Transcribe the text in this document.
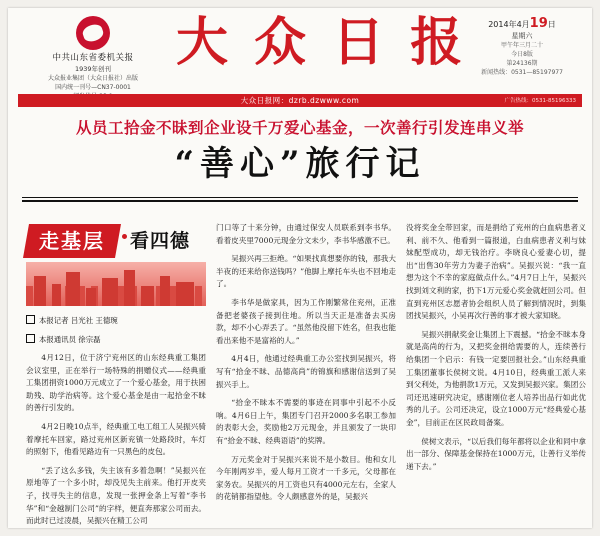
中共山东省委机关报
1939年创刊
大众报业集团（大众日报社）出版
国内统一刊号—CN37-0001
大 众 日 报	2014年4月19日
星期六
甲午年三月二十
今日8版
第24136期
新闻热线：0531—85197977
大众日报网：dzrb.dzwww.com	广告热线：0531-85196333
从员工拾金不昧到企业设千万爱心基金，一次善行引发连串义举
“善心”旅行记
走基层	看四德
本报记者 吕光社 王德琬
本报通讯员 徐宗磊

4月12日，位于济宁兖州区的山东经典重工集团会议室里，正在举行一场特殊的捐赠仪式——经典重工集团捐资1000万元成立了一个爱心基金，用于扶困助残、助学治病等。这个爱心基金是由一起拾金不昧的善行引发的。

4月2日晚10点半，经典重工电工组工人吴振兴骑着摩托车回家，路过兖州区新兖镇一处路段时，车灯的照射下，他看见路边有一只黑色的皮包。

“丢了这么多钱，失主该有多着急啊！”吴振兴在原地等了一个多小时，却没见失主前来。他打开皮夹子，找寻失主的信息，发现一张押金条上写着“李书华”和“金越制门公司”的字样，便直奔那家公司而去。而此时已过凌晨，吴振兴在精工公司

门口等了十来分钟，由通过保安人员联系到李书华。看着皮夹里7000元现金分文未少，李书华感激不已。

吴振兴再三拒绝。“如果找真想要你的钱，那我大半夜的还来给你送钱吗？”他脚上摩托车头也不回地走了。

李书华是做家具，因为工作刚繁常住兖州，正准备把老婆孩子接到住地。所以当天正是准备去买房款，却不小心弄丢了。“虽然他没留下姓名，但我也能看出来他不是富裕的人。”

4月4日，他通过经典重工办公室找到吴振兴，将写有“拾金不昧、品德高尚”的锦旗和感谢信送到了吴振兴手上。

“拾金不昧本不需要的事迹在同事中引起不小反响。4月6日上午，集团专门召开2000多名职工参加的表彰大会，奖励他2万元现金，并且颁发了一块印有“拾金不昧、经典语语”的奖牌。

万元奖金对于吴振兴来说不是小数目。他和女儿今年刚两岁半，爱人每月工资才一千多元，父母都在家务农。吴振兴的月工资也只有4000元左右，全家人的花销都指望他。令人颇感意外的是，吴振兴

没将奖金全带回家，而是捐给了兖州的白血病患者义利、前不久、他看到一篇报道，白血病患者义利与妹妹配型成功，却无钱治疗。李晓良心爱妻心切，提出“出售30年劳力为妻子治病”。吴振兴说：“我一直想为这个不幸的家庭做点什么。”4月7日上午，吴振兴找到刘文利的家，扔下1万元爱心奖金就赶回公司。但直到兖州区志愿者协会组织人员了解到情况时，到集团找吴振兴，小吴再次行善的事才被大家知晓。

吴振兴捐献奖金让集团上下震撼。“拾金不昧本身就是高尚的行为，又把奖金捐给需要的人，连续善行给集团一个启示：有钱一定要回报社会。”山东经典重工集团董事长侯树文说。4月10日，经典重工派人来到父利处，为他捐款1万元，又发到吴振兴家。集团公司还迅速研究决定，感谢刚位老人培养出品行如此优秀的儿子。公司还决定，设立1000万元“经典爱心基金”，目前正在区民政局备案。

侯树文表示，“以后我们每年都将以企业和同中拿出一部分、保障基金保持在1000万元，让善行义举传递下去。”
